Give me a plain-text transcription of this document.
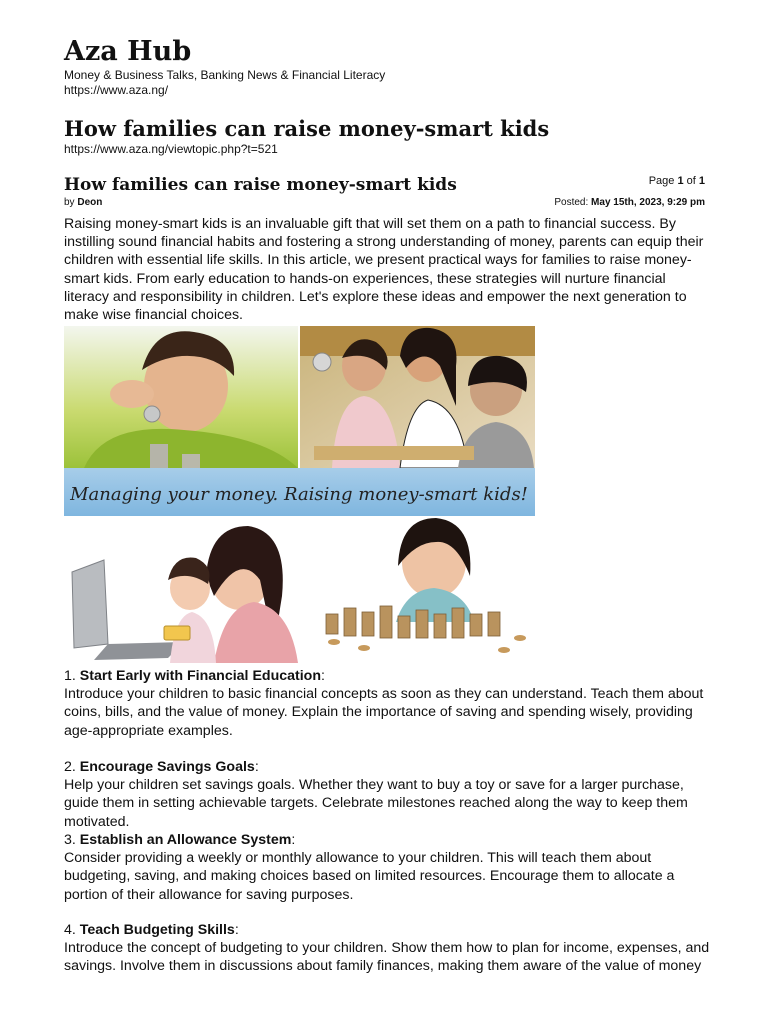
Aza Hub
Money & Business Talks, Banking News & Financial Literacy
https://www.aza.ng/
How families can raise money-smart kids
https://www.aza.ng/viewtopic.php?t=521
How families can raise money-smart kids	Page 1 of 1
by Deon	Posted: May 15th, 2023, 9:29 pm

Raising money-smart kids is an invaluable gift that will set them on a path to financial success. By instilling sound financial habits and fostering a strong understanding of money, parents can equip their children with essential life skills. In this article, we present practical ways for families to raise money-smart kids. From early education to hands-on experiences, these strategies will nurture financial literacy and responsibility in children. Let's explore these ideas and empower the next generation to make wise financial choices.

Managing your money. Raising money-smart kids!

1. Start Early with Financial Education:

Introduce your children to basic financial concepts as soon as they can understand. Teach them about coins, bills, and the value of money. Explain the importance of saving and spending wisely, providing age-appropriate examples.

2. Encourage Savings Goals:

Help your children set savings goals. Whether they want to buy a toy or save for a larger purchase, guide them in setting achievable targets. Celebrate milestones reached along the way to keep them motivated.

3. Establish an Allowance System:

Consider providing a weekly or monthly allowance to your children. This will teach them about budgeting, saving, and making choices based on limited resources. Encourage them to allocate a portion of their allowance for saving purposes.

4. Teach Budgeting Skills:

Introduce the concept of budgeting to your children. Show them how to plan for income, expenses, and savings. Involve them in discussions about family finances, making them aware of the value of money
